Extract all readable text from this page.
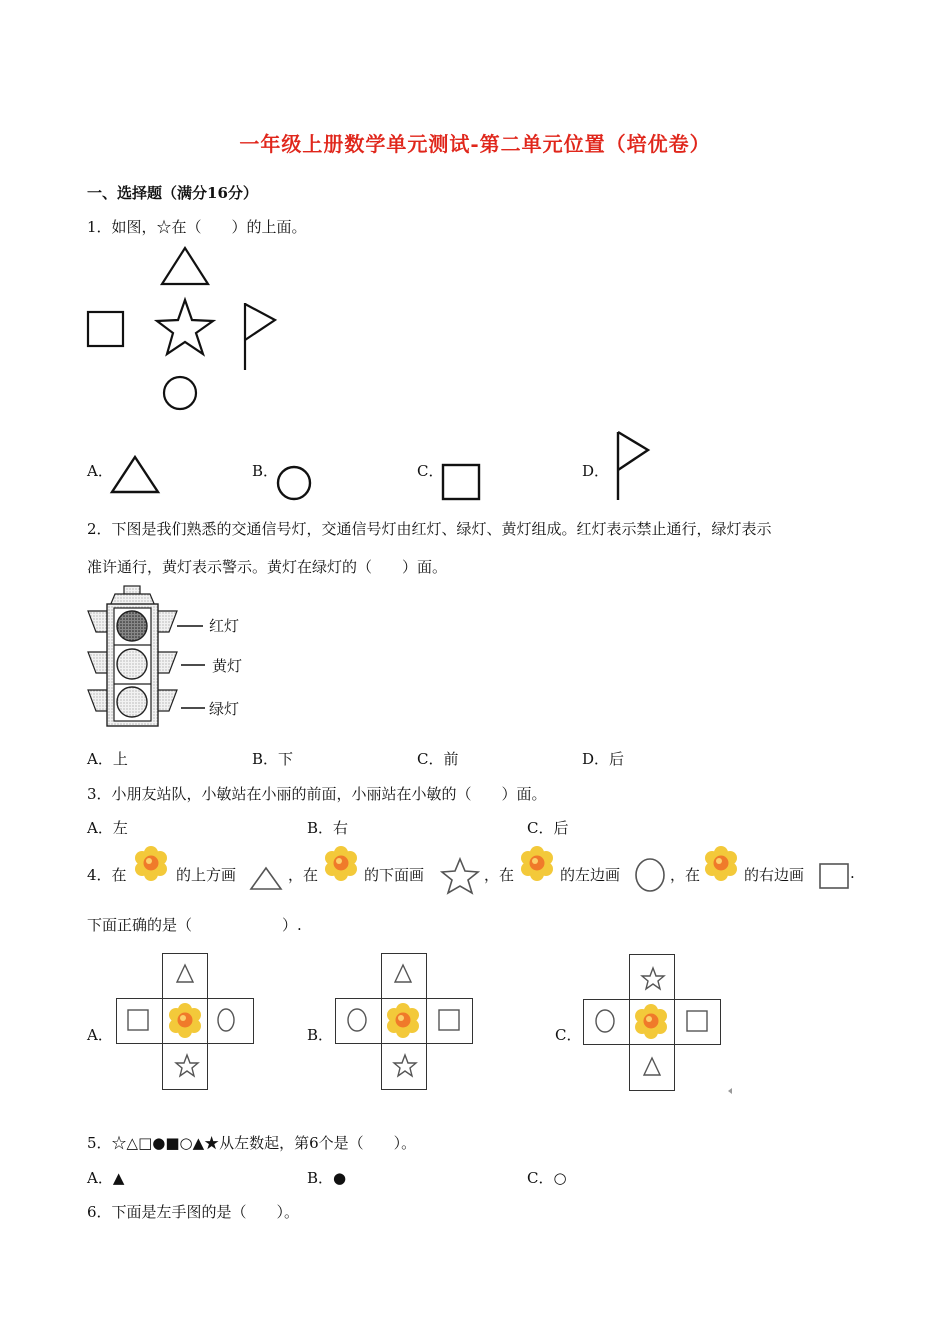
一年级上册数学单元测试-第二单元位置（培优卷）
一、选择题（满分16分）
1．如图，☆在（　　）的上面。
A．	B．	C．	D．
2．下图是我们熟悉的交通信号灯，交通信号灯由红灯、绿灯、黄灯组成。红灯表示禁止通行，绿灯表示
准许通行，黄灯表示警示。黄灯在绿灯的（　　）面。
红灯
黄灯
绿灯
A．上	B．下	C．前	D．后
3．小朋友站队，小敏站在小丽的前面，小丽站在小敏的（　　）面。
A．左	B．右	C．后
4．在	的上方画	，在	的下面画	，在	的左边画	，在	的右边画	.
下面正确的是（　　　　　　）.
A．	B．	C．
5．☆△□●■○▲★从左数起，第6个是（　　）。
A．▲	B．●	C．○
6．下面是左手图的是（　　）。
